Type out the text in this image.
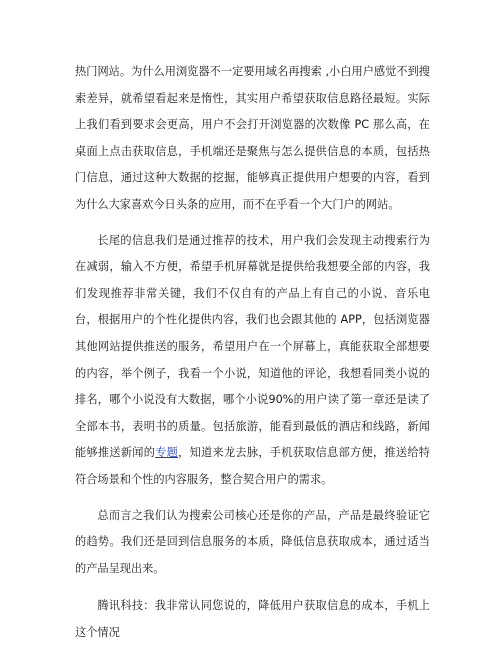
热门网站。为什么用浏览器不一定要用域名再搜索 ,小白用户感觉不到搜索差异，就希望看起来是惰性，其实用户希望获取信息路径最短。实际上我们看到要求会更高，用户不会打开浏览器的次数像 PC 那么高，在桌面上点击获取信息，手机端还是聚焦与怎么提供信息的本质，包括热门信息，通过这种大数据的挖掘，能够真正提供用户想要的内容，看到为什么大家喜欢今日头条的应用，而不在乎看一个大门户的网站。

长尾的信息我们是通过推荐的技术，用户我们会发现主动搜索行为在减弱，输入不方便，希望手机屏幕就是提供给我想要全部的内容，我们发现推荐非常关键，我们不仅自有的产品上有自己的小说、音乐电台，根据用户的个性化提供内容，我们也会跟其他的 APP，包括浏览器其他网站提供推送的服务，希望用户在一个屏幕上，真能获取全部想要的内容，举个例子，我看一个小说，知道他的评论，我想看同类小说的排名，哪个小说没有大数据，哪个小说90%的用户读了第一章还是读了全部本书，表明书的质量。包括旅游，能看到最低的酒店和线路，新闻能够推送新闻的专题，知道来龙去脉，手机获取信息部方便，推送给特符合场景和个性的内容服务，整合契合用户的需求。

总而言之我们认为搜索公司核心还是你的产品，产品是最终验证它的趋势。我们还是回到信息服务的本质，降低信息获取成本，通过适当的产品呈现出来。

腾讯科技：我非常认同您说的，降低用户获取信息的成本，手机上这个情况
